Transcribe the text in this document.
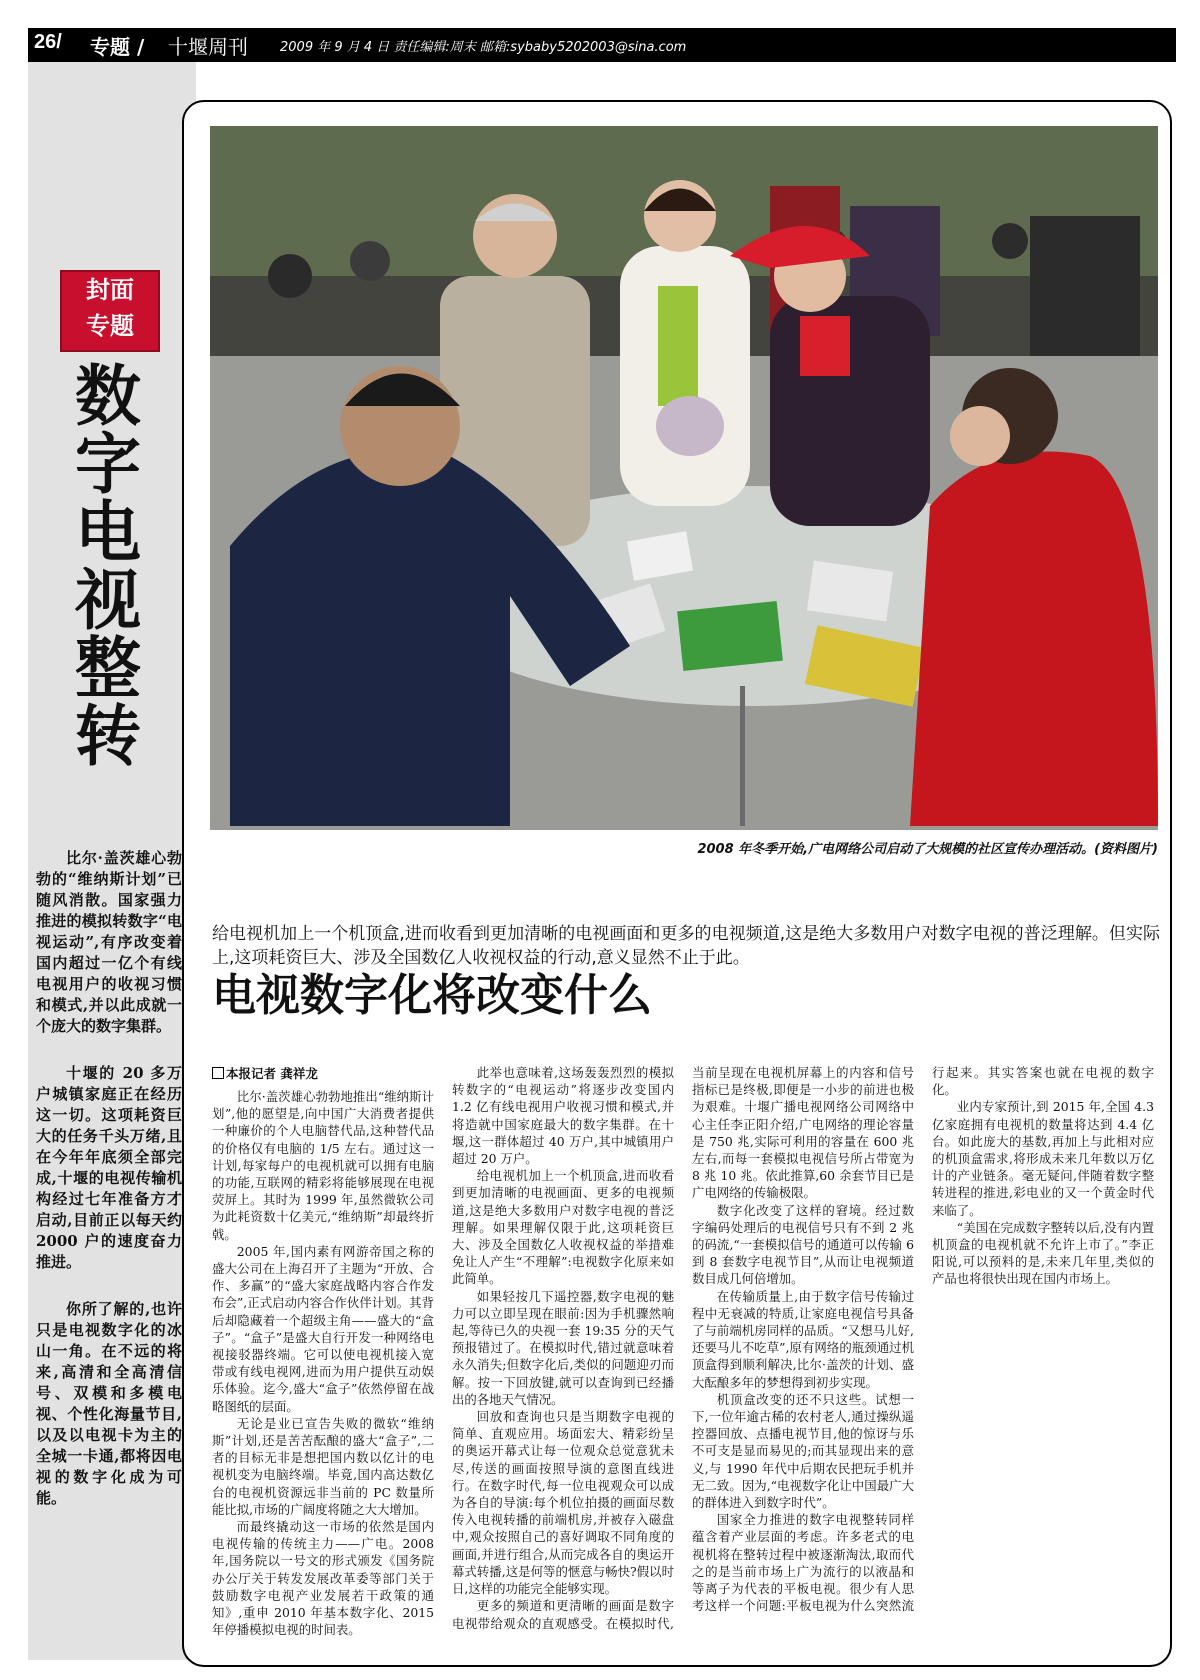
26/ 专题 / 十堰周刊 2009 年 9 月 4 日 责任编辑:周末 邮箱:sybaby5202003@sina.com
封面
专题
数字电视整转

比尔·盖茨雄心勃勃的“维纳斯计划”已随风消散。国家强力推进的模拟转数字“电视运动”,有序改变着国内超过一亿个有线电视用户的收视习惯和模式,并以此成就一个庞大的数字集群。

十堰的 20 多万户城镇家庭正在经历这一切。这项耗资巨大的任务千头万绪,且在今年年底须全部完成,十堰的电视传输机构经过七年准备方才启动,目前正以每天约 2000 户的速度奋力推进。

你所了解的,也许只是电视数字化的冰山一角。在不远的将来,高清和全高清信号、双模和多模电视、个性化海量节目,以及以电视卡为主的全城一卡通,都将因电视的数字化成为可能。

2008 年冬季开始,广电网络公司启动了大规模的社区宣传办理活动。(资料图片)
给电视机加上一个机顶盒,进而收看到更加清晰的电视画面和更多的电视频道,这是绝大多数用户对数字电视的普泛理解。但实际上,这项耗资巨大、涉及全国数亿人收视权益的行动,意义显然不止于此。
电视数字化将改变什么
本报记者 龚祥龙

比尔·盖茨雄心勃勃地推出“维纳斯计划”,他的愿望是,向中国广大消费者提供一种廉价的个人电脑替代品,这种替代品的价格仅有电脑的 1/5 左右。通过这一计划,每家每户的电视机就可以拥有电脑的功能,互联网的精彩将能够展现在电视荧屏上。其时为 1999 年,虽然微软公司为此耗资数十亿美元,“维纳斯”却最终折戟。

2005 年,国内素有网游帝国之称的盛大公司在上海召开了主题为“开放、合作、多赢”的“盛大家庭战略内容合作发布会”,正式启动内容合作伙伴计划。其背后却隐藏着一个超级主角——盛大的“盒子”。“盒子”是盛大自行开发一种网络电视接驳器终端。它可以使电视机接入宽带或有线电视网,进而为用户提供互动娱乐体验。迄今,盛大“盒子”依然停留在战略图纸的层面。

无论是业已宣告失败的微软“维纳斯”计划,还是苦苦酝酿的盛大“盒子”,二者的目标无非是想把国内数以亿计的电视机变为电脑终端。毕竟,国内高达数亿台的电视机资源远非当前的 PC 数量所能比拟,市场的广阔度将随之大大增加。

而最终撬动这一市场的依然是国内电视传输的传统主力——广电。2008 年,国务院以一号文的形式颁发《国务院办公厅关于转发发展改革委等部门关于鼓励数字电视产业发展若干政策的通知》,重申 2010 年基本数字化、2015 年停播模拟电视的时间表。

此举也意味着,这场轰轰烈烈的模拟转数字的“电视运动”将逐步改变国内 1.2 亿有线电视用户收视习惯和模式,并将造就中国家庭最大的数字集群。在十堰,这一群体超过 40 万户,其中城镇用户超过 20 万户。

给电视机加上一个机顶盒,进而收看到更加清晰的电视画面、更多的电视频道,这是绝大多数用户对数字电视的普泛理解。如果理解仅限于此,这项耗资巨大、涉及全国数亿人收视权益的举措难免让人产生“不理解”:电视数字化原来如此简单。

如果轻按几下遥控器,数字电视的魅力可以立即呈现在眼前:因为手机骤然响起,等待已久的央视一套 19:35 分的天气预报错过了。在模拟时代,错过就意味着永久消失;但数字化后,类似的问题迎刃而解。按一下回放键,就可以查询到已经播出的各地天气情况。

回放和查询也只是当期数字电视的简单、直观应用。场面宏大、精彩纷呈的奥运开幕式让每一位观众总觉意犹未尽,传送的画面按照导演的意图直线进行。在数字时代,每一位电视观众可以成为各自的导演:每个机位拍摄的画面尽数传入电视转播的前端机房,并被存入磁盘中,观众按照自己的喜好调取不同角度的画面,并进行组合,从而完成各自的奥运开幕式转播,这是何等的惬意与畅快?假以时日,这样的功能完全能够实现。

更多的频道和更清晰的画面是数字电视带给观众的直观感受。在模拟时代,当前呈现在电视机屏幕上的内容和信号指标已是终极,即便是一小步的前进也极为艰难。十堰广播电视网络公司网络中心主任李正阳介绍,广电网络的理论容量是 750 兆,实际可利用的容量在 600 兆左右,而每一套模拟电视信号所占带宽为 8 兆 10 兆。依此推算,60 余套节目已是广电网络的传输极限。

数字化改变了这样的窘境。经过数字编码处理后的电视信号只有不到 2 兆的码流,“一套模拟信号的通道可以传输 6 到 8 套数字电视节目”,从而让电视频道数目成几何倍增加。

在传输质量上,由于数字信号传输过程中无衰减的特质,让家庭电视信号具备了与前端机房同样的品质。“又想马儿好,还要马儿不吃草”,原有网络的瓶颈通过机顶盒得到顺利解决,比尔·盖茨的计划、盛大酝酿多年的梦想得到初步实现。

机顶盒改变的还不只这些。试想一下,一位年逾古稀的农村老人,通过操纵遥控器回放、点播电视节目,他的惊讶与乐不可支是显而易见的;而其显现出来的意义,与 1990 年代中后期农民把玩手机并无二致。因为,“电视数字化让中国最广大的群体进入到数字时代”。

国家全力推进的数字电视整转同样蕴含着产业层面的考虑。许多老式的电视机将在整转过程中被逐渐淘汰,取而代之的是当前市场上广为流行的以液晶和等离子为代表的平板电视。很少有人思考这样一个问题:平板电视为什么突然流行起来。其实答案也就在电视的数字化。

业内专家预计,到 2015 年,全国 4.3 亿家庭拥有电视机的数量将达到 4.4 亿台。如此庞大的基数,再加上与此相对应的机顶盒需求,将形成未来几年数以万亿计的产业链条。毫无疑问,伴随着数字整转进程的推进,彩电业的又一个黄金时代来临了。

“美国在完成数字整转以后,没有内置机顶盒的电视机就不允许上市了。”李正阳说,可以预料的是,未来几年里,类似的产品也将很快出现在国内市场上。
